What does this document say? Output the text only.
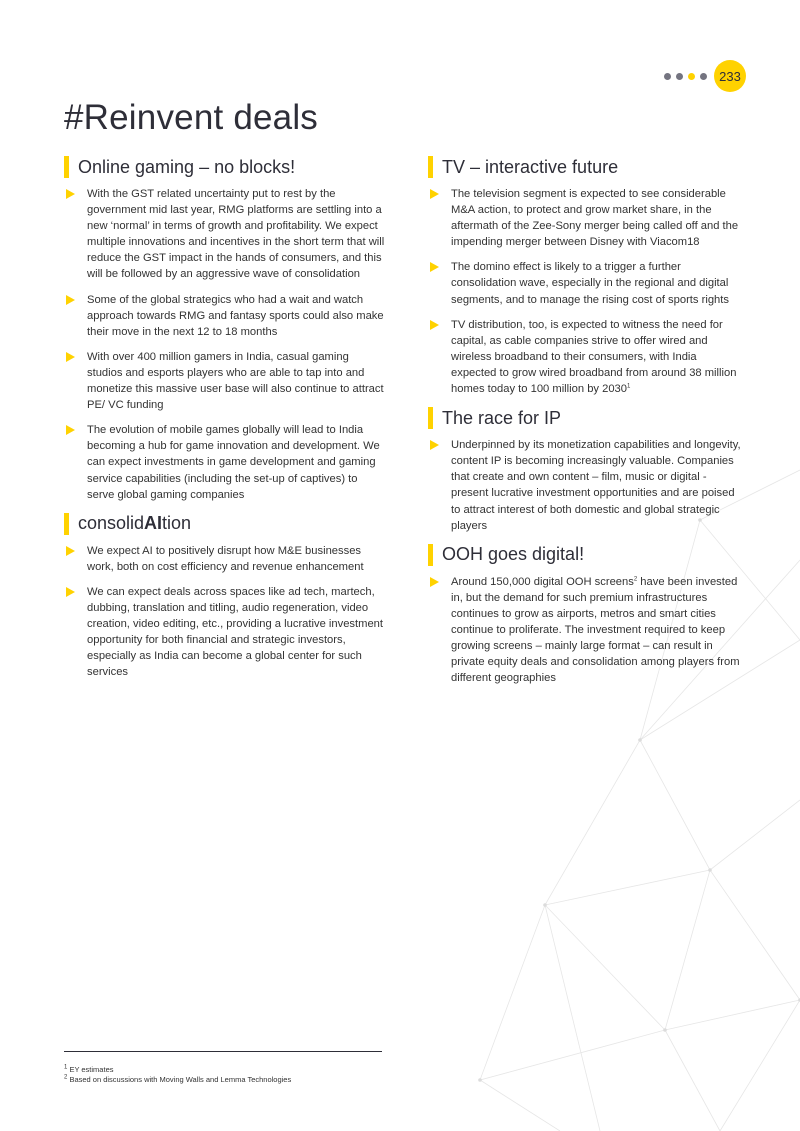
233
#Reinvent deals
Online gaming – no blocks!
With the GST related uncertainty put to rest by the government mid last year, RMG platforms are settling into a new ‘normal’ in terms of growth and profitability. We expect multiple innovations and incentives in the short term that will reduce the GST impact in the hands of consumers, and this will be followed by an aggressive wave of consolidation
Some of the global strategics who had a wait and watch approach towards RMG and fantasy sports could also make their move in the next 12 to 18 months
With over 400 million gamers in India, casual gaming studios and esports players who are able to tap into and monetize this massive user base will also continue to attract PE/ VC funding
The evolution of mobile games globally will lead to India becoming a hub for game innovation and development. We can expect investments in game development and gaming service capabilities (including the set-up of captives) to serve global gaming companies
consolidAItion
We expect AI to positively disrupt how M&E businesses work, both on cost efficiency and revenue enhancement
We can expect deals across spaces like ad tech, martech, dubbing, translation and titling, audio regeneration, video creation, video editing, etc., providing a lucrative investment opportunity for both financial and strategic investors, especially as India can become a global center for such services
TV – interactive future
The television segment is expected to see considerable M&A action, to protect and grow market share, in the aftermath of the Zee-Sony merger being called off and the impending merger between Disney with Viacom18
The domino effect is likely to a trigger a further consolidation wave, especially in the regional and digital segments, and to manage the rising cost of sports rights
TV distribution, too, is expected to witness the need for capital, as cable companies strive to offer wired and wireless broadband to their consumers, with India expected to grow wired broadband from around 38 million homes today to 100 million by 2030$^1$
The race for IP
Underpinned by its monetization capabilities and longevity, content IP is becoming increasingly valuable. Companies that create and own content – film, music or digital - present lucrative investment opportunities and are poised to attract interest of both domestic and global strategic players
OOH goes digital!
Around 150,000 digital OOH screens$^2$ have been invested in, but the demand for such premium infrastructures continues to grow as airports, metros and smart cities continue to proliferate. The investment required to keep growing screens – mainly large format – can result in private equity deals and consolidation among players from different geographies
$^1$ EY estimates
$^2$ Based on discussions with Moving Walls and Lemma Technologies
